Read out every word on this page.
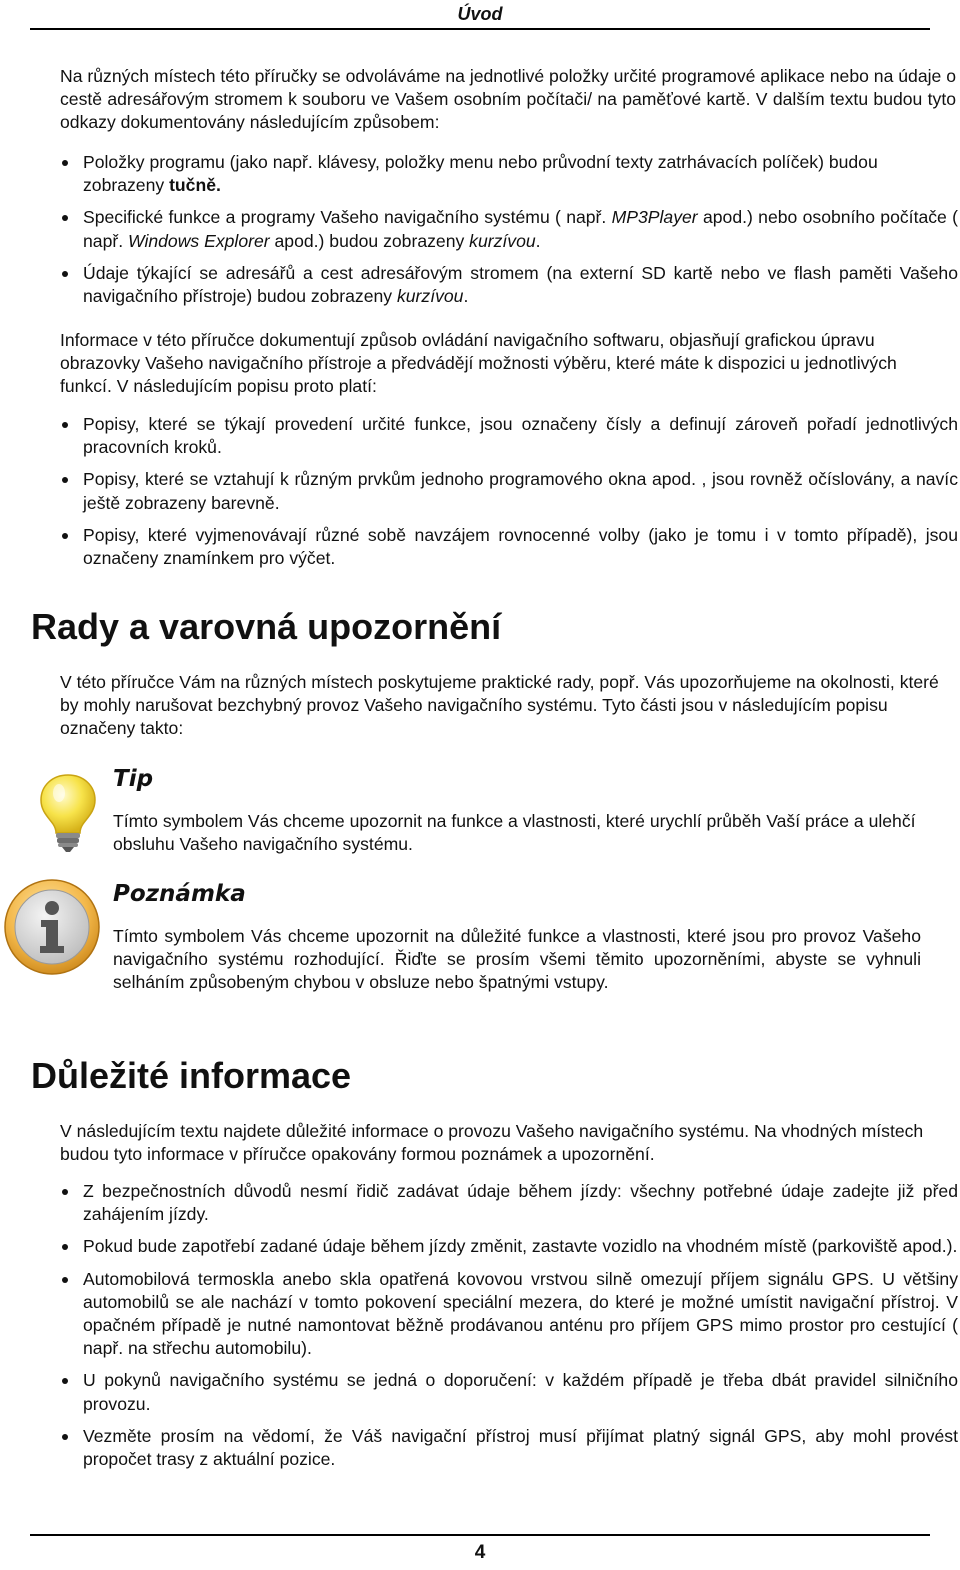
Úvod

Na různých místech této příručky se odvoláváme na jednotlivé položky určité programové aplikace nebo na údaje o cestě adresářovým stromem k souboru ve Vašem osobním počítači/ na paměťové kartě. V dalším textu budou tyto odkazy dokumentovány následujícím způsobem:

Položky programu (jako např. klávesy, položky menu nebo průvodní texty zatrhávacích políček) budou zobrazeny tučně.
Specifické funkce a programy Vašeho navigačního systému ( např. MP3Player apod.) nebo osobního počítače ( např. Windows Explorer apod.) budou zobrazeny kurzívou.
Údaje týkající se adresářů a cest adresářovým stromem (na externí SD kartě nebo ve flash paměti Vašeho navigačního přístroje) budou zobrazeny kurzívou.

Informace v této příručce dokumentují způsob ovládání navigačního softwaru, objasňují grafickou úpravu obrazovky Vašeho navigačního přístroje a předvádějí možnosti výběru, které máte k dispozici u jednotlivých funkcí. V následujícím popisu proto platí:

Popisy, které se týkají provedení určité funkce, jsou označeny čísly a definují zároveň pořadí jednotlivých pracovních kroků.
Popisy, které se vztahují k různým prvkům jednoho programového okna apod. , jsou rovněž očíslovány, a navíc ještě zobrazeny barevně.
Popisy, které vyjmenovávají různé sobě navzájem rovnocenné volby (jako je tomu i v tomto případě), jsou označeny znamínkem pro výčet.
Rady a varovná upozornění

V této příručce Vám na různých místech poskytujeme praktické rady, popř. Vás upozorňujeme na okolnosti, které by mohly narušovat bezchybný provoz Vašeho navigačního systému. Tyto části jsou v následujícím popisu označeny takto:

Tip
Tímto symbolem Vás chceme upozornit na funkce a vlastnosti, které urychlí průběh Vaší práce a ulehčí obsluhu Vašeho navigačního systému.
Poznámka
Tímto symbolem Vás chceme upozornit na důležité funkce a vlastnosti, které jsou pro provoz Vašeho navigačního systému rozhodující. Řiďte se prosím všemi těmito upozorněními, abyste se vyhnuli selháním způsobeným chybou v obsluze nebo špatnými vstupy.
Důležité informace

V následujícím textu najdete důležité informace o provozu Vašeho navigačního systému. Na vhodných místech budou tyto informace v příručce opakovány formou poznámek a upozornění.

Z bezpečnostních důvodů nesmí řidič zadávat údaje během jízdy: všechny potřebné údaje zadejte již před zahájením jízdy.
Pokud bude zapotřebí zadané údaje během jízdy změnit, zastavte vozidlo na vhodném místě (parkoviště apod.).
Automobilová termoskla anebo skla opatřená kovovou vrstvou silně omezují příjem signálu GPS. U většiny automobilů se ale nachází v tomto pokovení speciální mezera, do které je možné umístit navigační přístroj. V opačném případě je nutné namontovat běžně prodávanou anténu pro příjem GPS mimo prostor pro cestující ( např. na střechu automobilu).
U pokynů navigačního systému se jedná o doporučení: v každém případě je třeba dbát pravidel silničního provozu.
Vezměte prosím na vědomí, že Váš navigační přístroj musí přijímat platný signál GPS, aby mohl provést propočet trasy z aktuální pozice.
4
